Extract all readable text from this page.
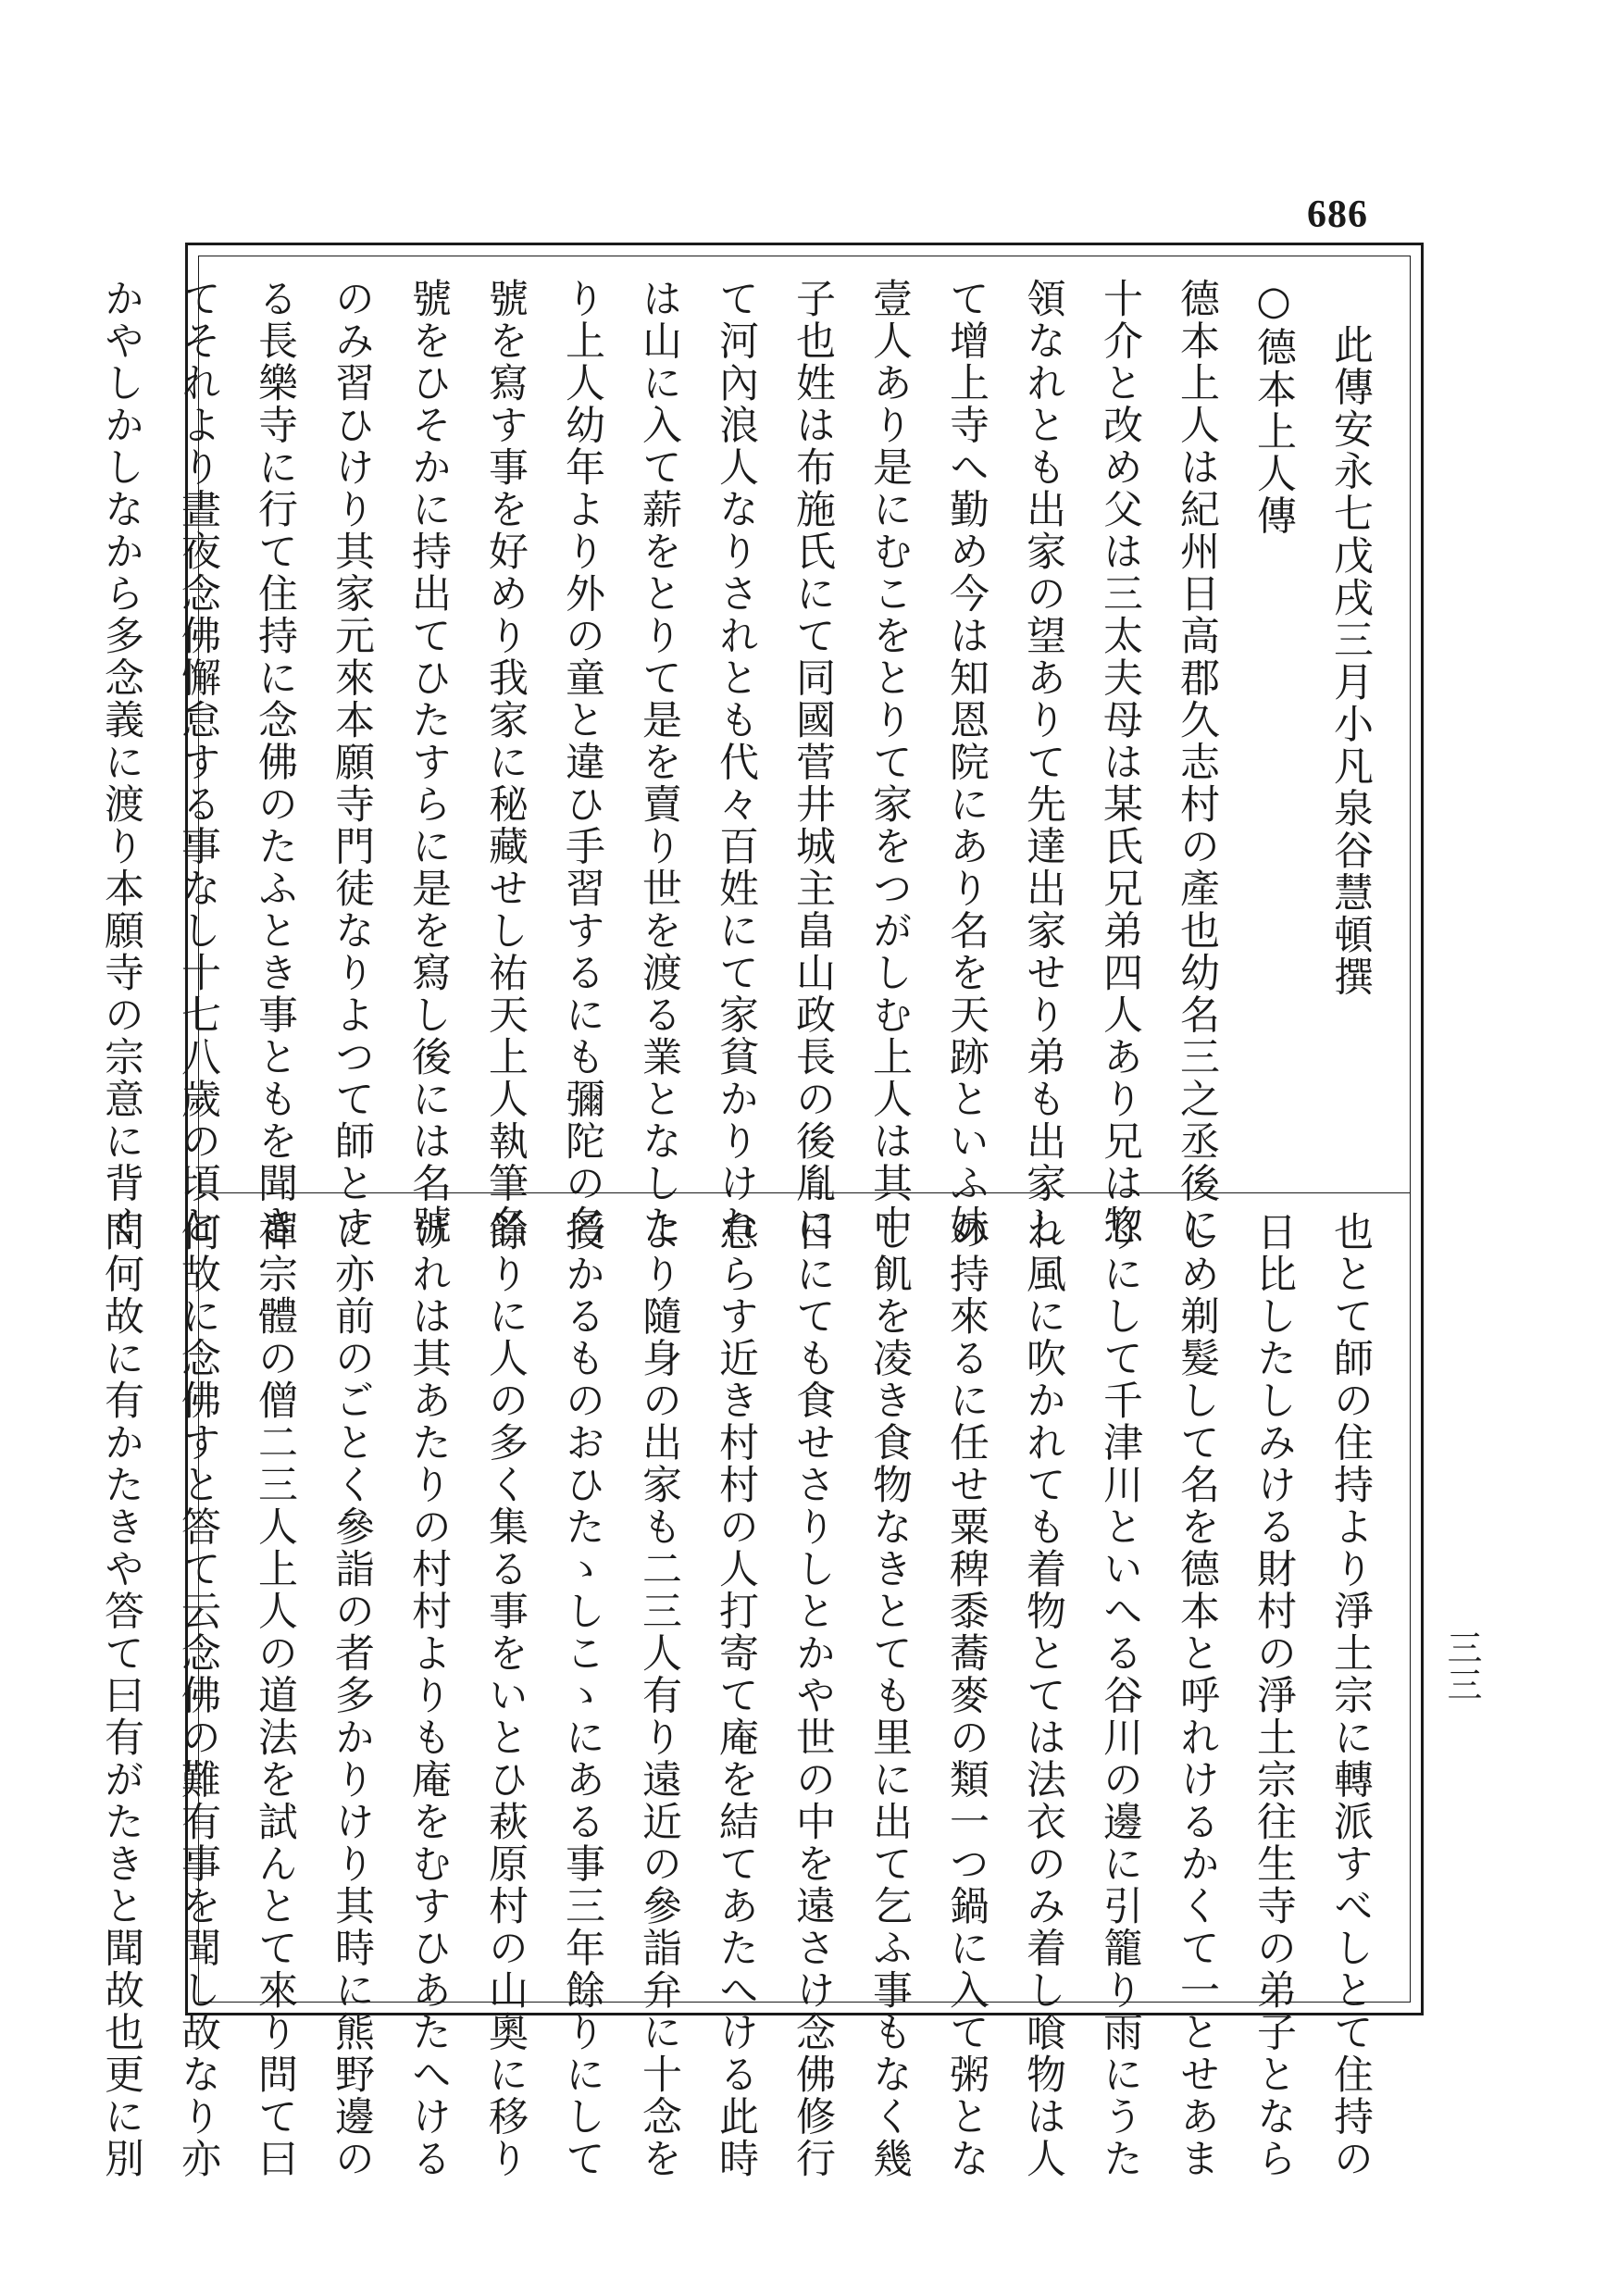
686
此傳安永七戊戌三月小凡泉谷慧頓撰
○德本上人傳
德本上人は紀州日高郡久志村の產也幼名三之丞後に
十介と改め父は三太夫母は某氏兄弟四人あり兄は惣
領なれとも出家の望ありて先達出家せり弟も出家し
て增上寺へ勤め今は知恩院にあり名を天跡といふ妹
壹人あり是にむこをとりて家をつがしむ上人は其中
子也姓は布施氏にて同國菅井城主畠山政長の後胤に
て河內浪人なりされとも代々百姓にて家貧かりけれ
は山に入て薪をとりて是を賣り世を渡る業となした
り上人幼年より外の童と違ひ手習するにも彌陀の名
號を寫す事を好めり我家に秘藏せし祐天上人執筆名
號をひそかに持出てひたすらに是を寫し後には名號
のみ習ひけり其家元來本願寺門徒なりよつて師とす
る長樂寺に行て住持に念佛のたふとき事ともを聞き
てそれより晝夜念佛懈怠する事なし十七八歲の頃と
かやしかしなから多念義に渡り本願寺の宗意に背く
也とて師の住持より淨土宗に轉派すべしとて住持の
日比したしみける財村の淨土宗往生寺の弟子となら
しめ剃髮して名を德本と呼れけるかくて一とせあま
りにして千津川といへる谷川の邊に引籠り雨にうた
れ風に吹かれても着物とては法衣のみ着し喰物は人
の持來るに任せ粟稗黍蕎麥の類一つ鍋に入て粥とな
し飢を凌き食物なきとても里に出て乞ふ事もなく幾
日にても食せさりしとかや世の中を遠さけ念佛修行
怠らす近き村村の人打寄て庵を結てあたへける此時
より隨身の出家も二三人有り遠近の參詣弁に十念を
授かるものおひたゝしこゝにある事三年餘りにして
餘りに人の多く集る事をいとひ萩原村の山奧に移り
けれは其あたりの村村よりも庵をむすひあたへける
に亦前のごとく參詣の者多かりけり其時に熊野邊の
禪宗體の僧二三人上人の道法を試んとて來り問て曰
何故に念佛すと答て云念佛の難有事を聞し故なり亦
問何故に有かたきや答て曰有がたきと聞故也更に別	三三
